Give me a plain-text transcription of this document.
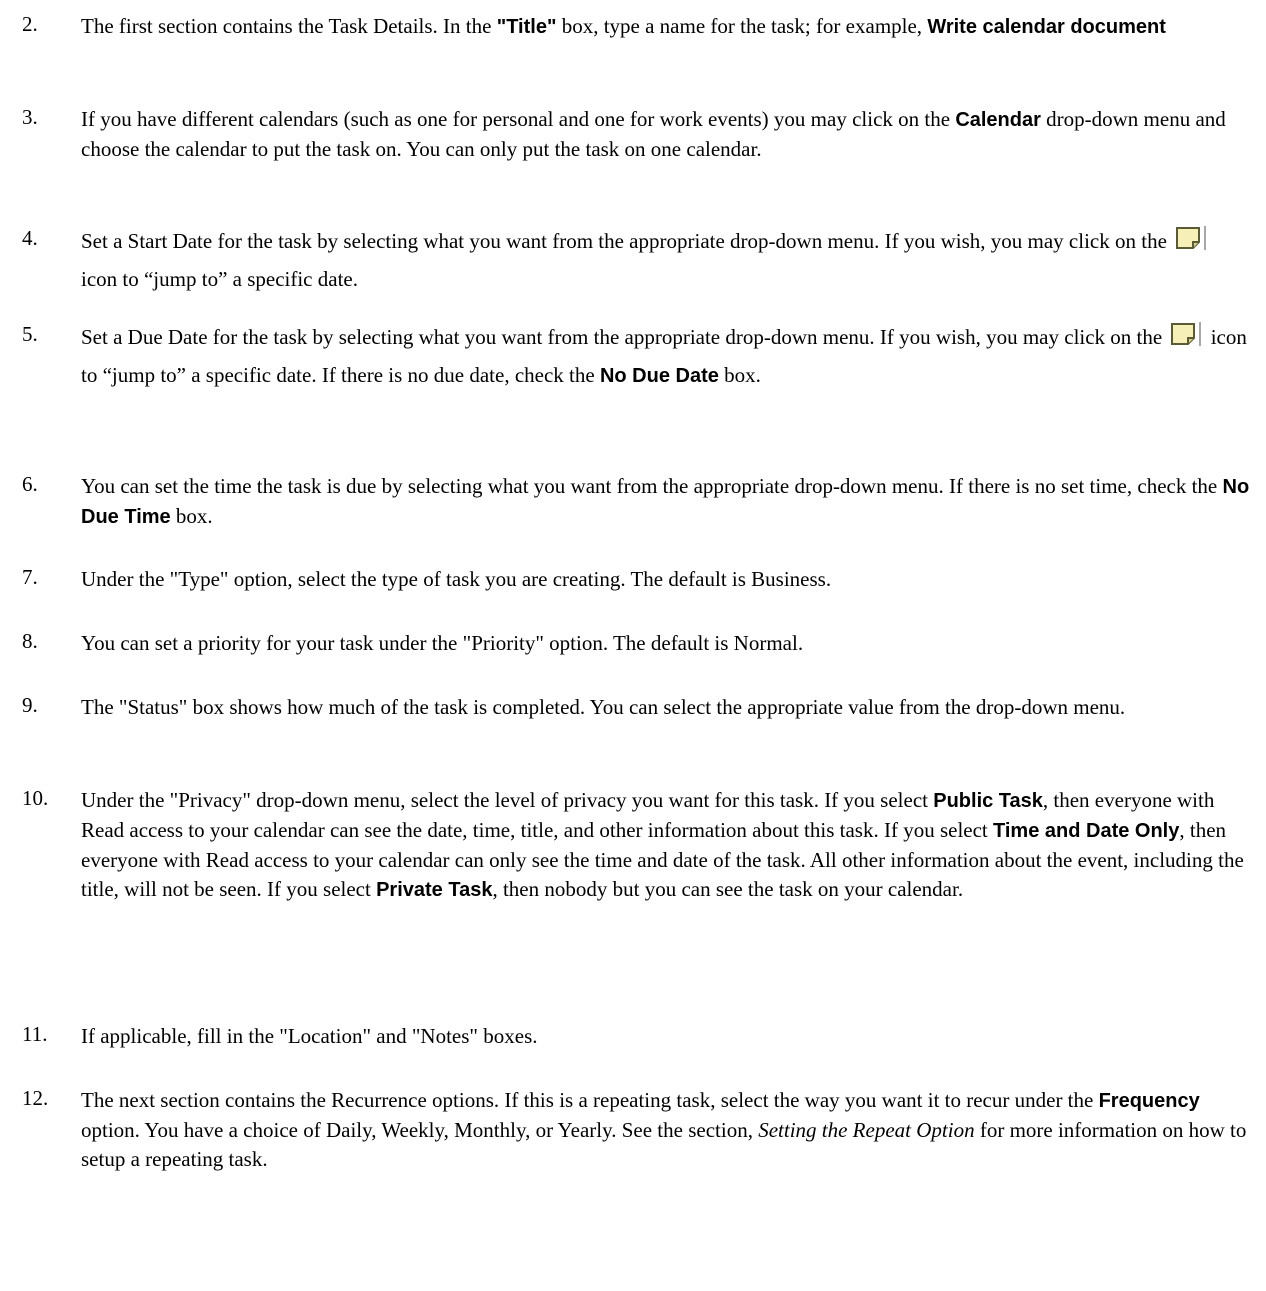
2. The first section contains the Task Details. In the "Title" box, type a name for the task; for example, Write calendar document
3. If you have different calendars (such as one for personal and one for work events) you may click on the Calendar drop-down menu and choose the calendar to put the task on. You can only put the task on one calendar.
4. Set a Start Date for the task by selecting what you want from the appropriate drop-down menu. If you wish, you may click on the
icon to “jump to” a specific date.
5. Set a Due Date for the task by selecting what you want from the appropriate drop-down menu. If you wish, you may click on the
icon to “jump to” a specific date. If there is no due date, check the No Due Date box.
6. You can set the time the task is due by selecting what you want from the appropriate drop-down menu. If there is no set time, check the No Due Time box.
7. Under the "Type" option, select the type of task you are creating. The default is Business.
8. You can set a priority for your task under the "Priority" option. The default is Normal.
9. The "Status" box shows how much of the task is completed. You can select the appropriate value from the drop-down menu.
10. Under the "Privacy" drop-down menu, select the level of privacy you want for this task. If you select Public Task, then everyone with Read access to your calendar can see the date, time, title, and other information about this task. If you select Time and Date Only, then everyone with Read access to your calendar can only see the time and date of the task. All other information about the event, including the title, will not be seen. If you select Private Task, then nobody but you can see the task on your calendar.
11. If applicable, fill in the "Location" and "Notes" boxes.
12. The next section contains the Recurrence options. If this is a repeating task, select the way you want it to recur under the Frequency option. You have a choice of Daily, Weekly, Monthly, or Yearly. See the section, Setting the Repeat Option for more information on how to setup a repeating task.
